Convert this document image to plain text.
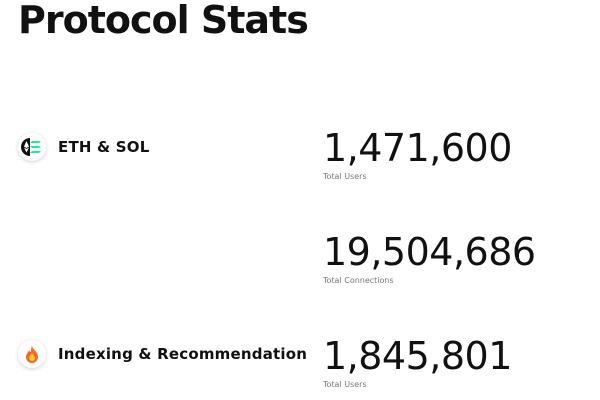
Protocol Stats
ETH & SOL	1,471,600
Total Users
19,504,686
Total Connections
Indexing & Recommendation 1,845,801
Total Users
